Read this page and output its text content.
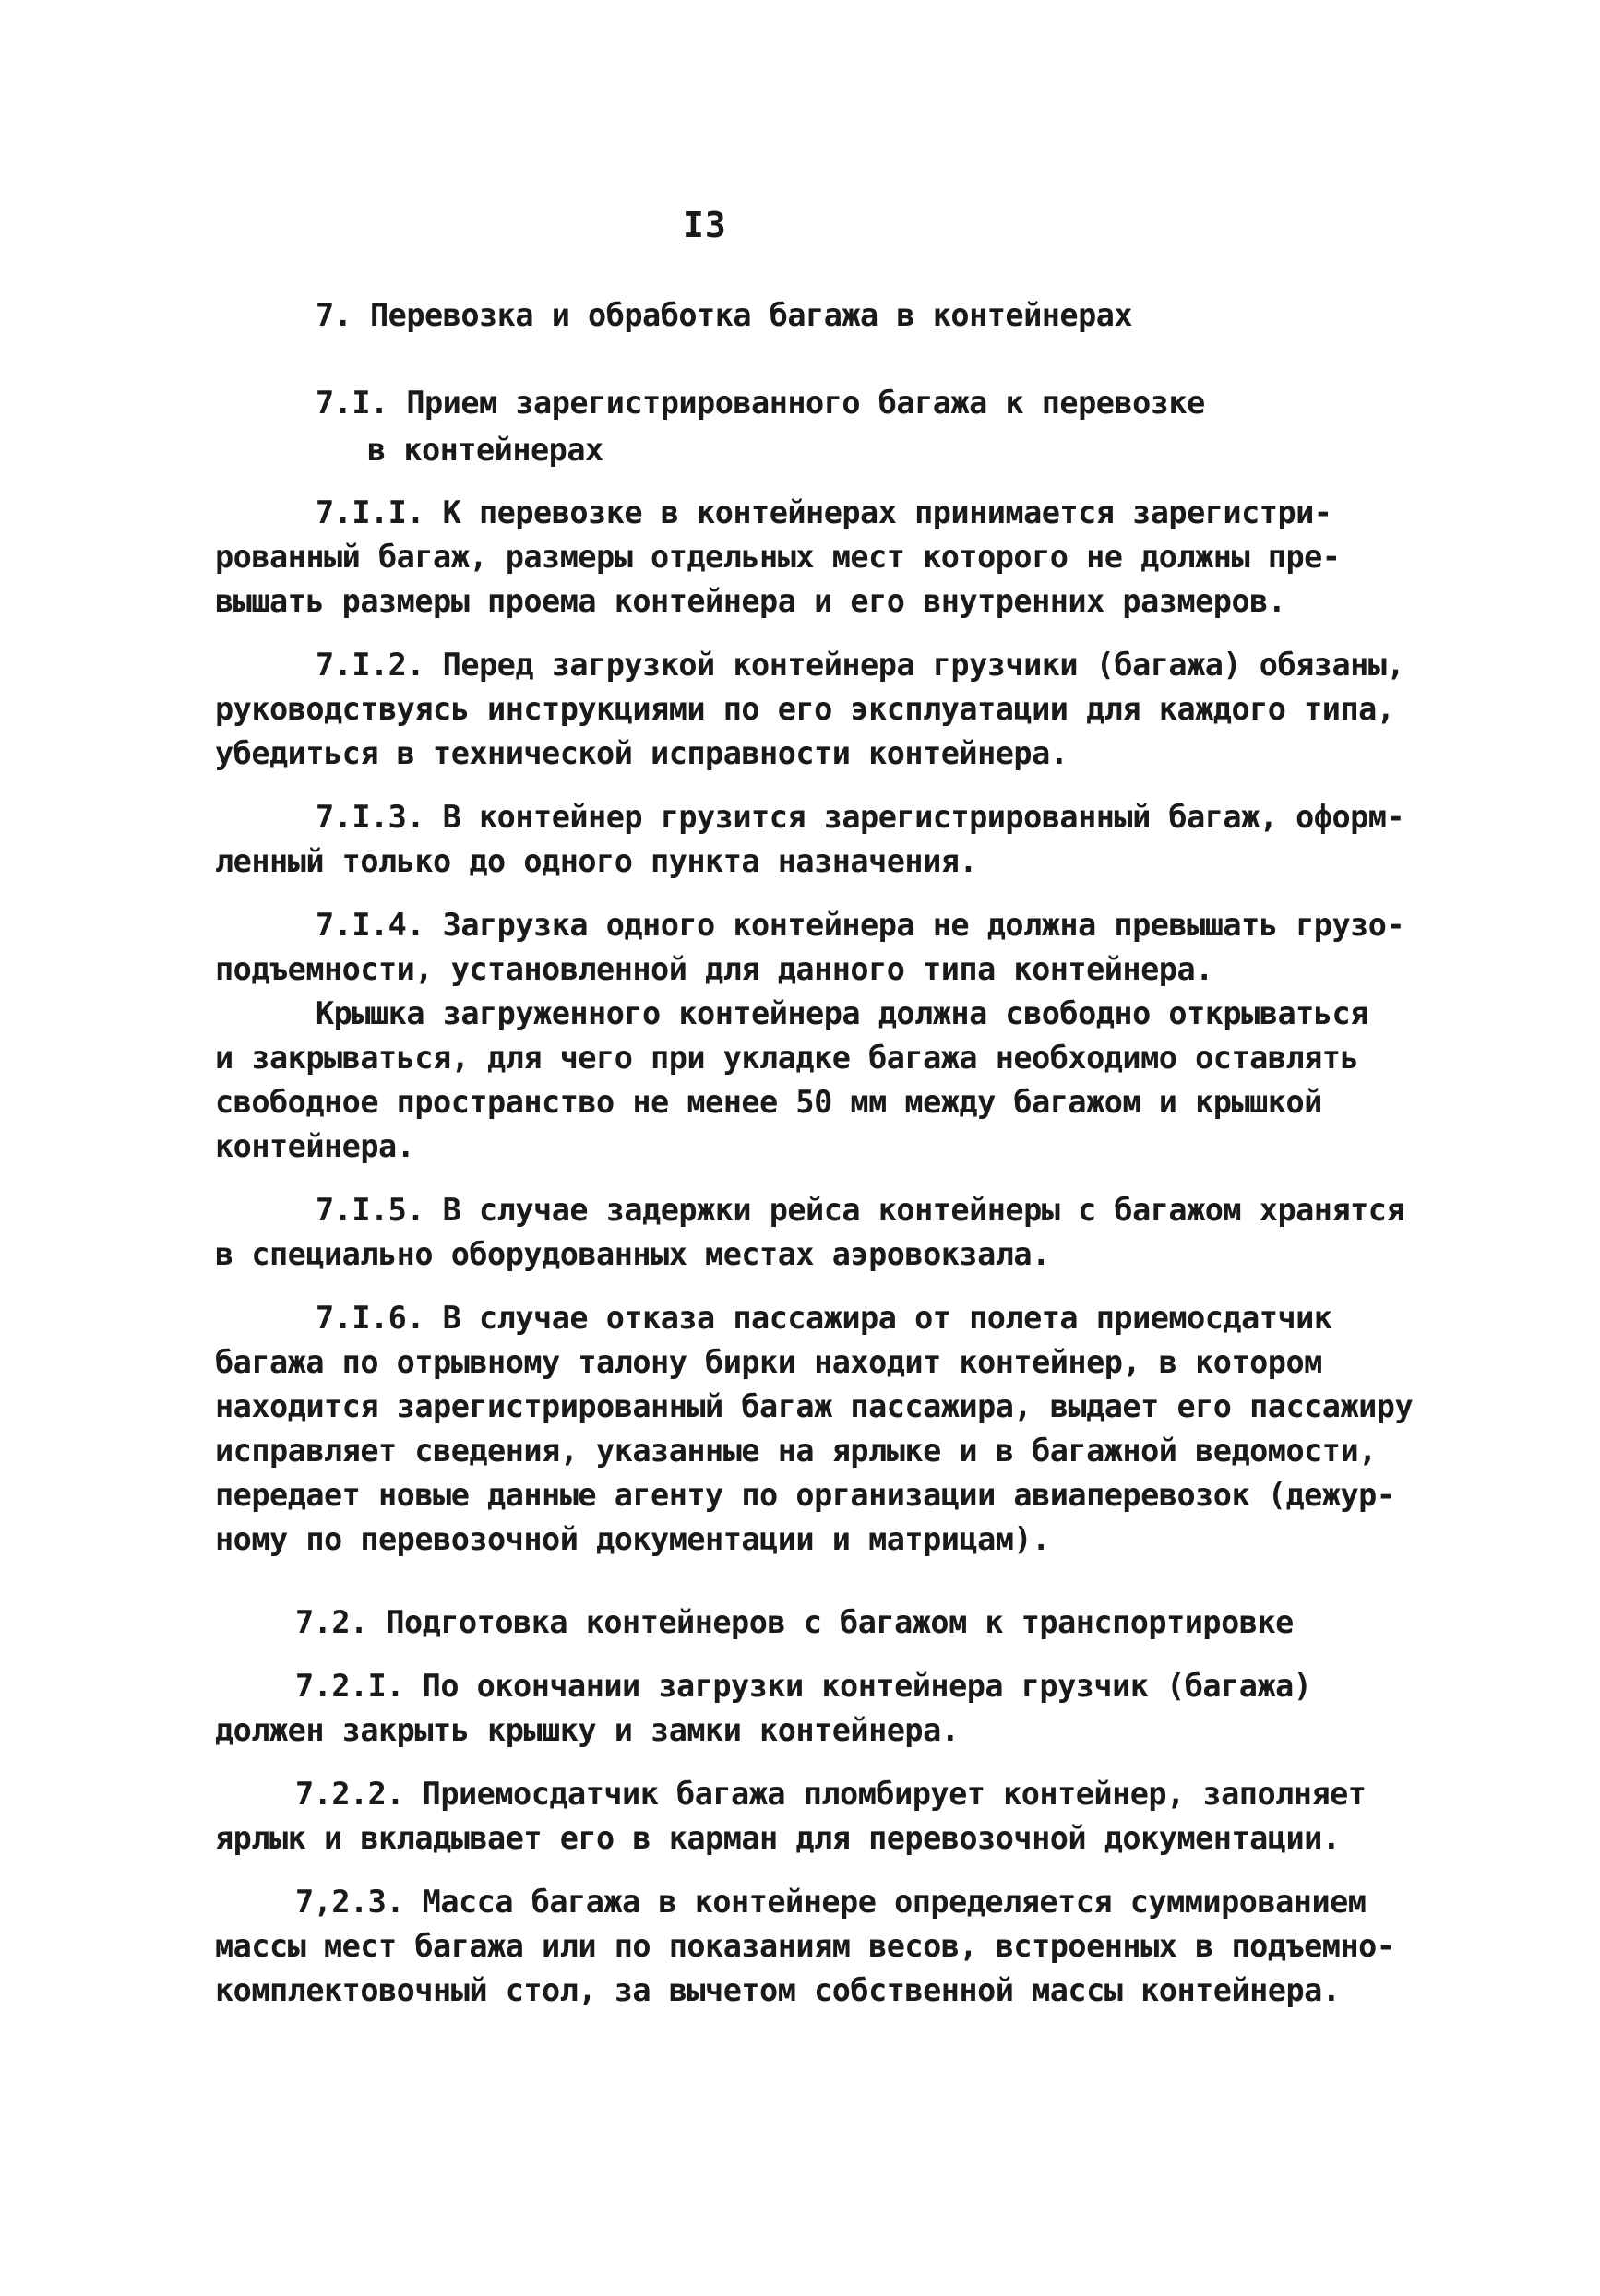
I3
7. Перевозка и обработка багажа в контейнерах
7.I. Прием зарегистрированного багажа к перевозке
в контейнерах
7.I.I. К перевозке в контейнерах принимается зарегистри-
рованный багаж, размеры отдельных мест которого не должны пре-
вышать размеры проема контейнера и его внутренних размеров.
7.I.2. Перед загрузкой контейнера грузчики (багажа) обязаны,
руководствуясь инструкциями по его эксплуатации для каждого типа,
убедиться в технической исправности контейнера.
7.I.3. В контейнер грузится зарегистрированный багаж, оформ-
ленный только до одного пункта назначения.
7.I.4. Загрузка одного контейнера не должна превышать грузо-
подъемности, установленной для данного типа контейнера.
Крышка загруженного контейнера должна свободно открываться
и закрываться, для чего при укладке багажа необходимо оставлять
свободное пространство не менее 50 мм между багажом и крышкой
контейнера.
7.I.5. В случае задержки рейса контейнеры с багажом хранятся
в специально оборудованных местах аэровокзала.
7.I.6. В случае отказа пассажира от полета приемосдатчик
багажа по отрывному талону бирки находит контейнер, в котором
находится зарегистрированный багаж пассажира, выдает его пассажиру
исправляет сведения, указанные на ярлыке и в багажной ведомости,
передает новые данные агенту по организации авиаперевозок (дежур-
ному по перевозочной документации и матрицам).
7.2. Подготовка контейнеров с багажом к транспортировке
7.2.I. По окончании загрузки контейнера грузчик (багажа)
должен закрыть крышку и замки контейнера.
7.2.2. Приемосдатчик багажа пломбирует контейнер, заполняет
ярлык и вкладывает его в карман для перевозочной документации.
7,2.3. Масса багажа в контейнере определяется суммированием
массы мест багажа или по показаниям весов, встроенных в подъемно-
комплектовочный стол, за вычетом собственной массы контейнера.
